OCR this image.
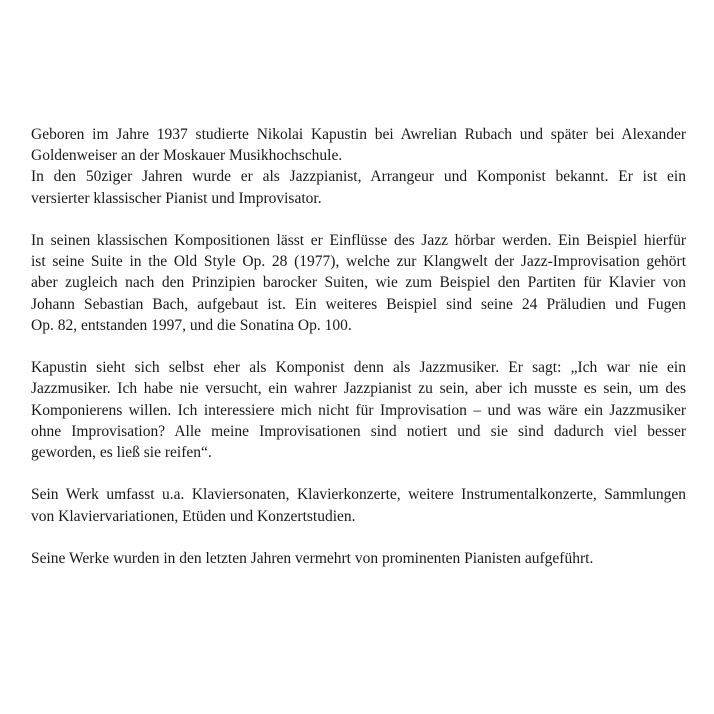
Geboren im Jahre 1937 studierte Nikolai Kapustin bei Awrelian Rubach und später bei Alexander
Goldenweiser an der Moskauer Musikhochschule.
In den 50ziger Jahren wurde er als Jazzpianist, Arrangeur und Komponist bekannt. Er ist ein
versierter klassischer Pianist und Improvisator.

In seinen klassischen Kompositionen lässt er Einflüsse des Jazz hörbar werden. Ein Beispiel hierfür
ist seine Suite in the Old Style Op. 28 (1977), welche zur Klangwelt der Jazz-Improvisation gehört
aber zugleich nach den Prinzipien barocker Suiten, wie zum Beispiel den Partiten für Klavier von
Johann Sebastian Bach, aufgebaut ist. Ein weiteres Beispiel sind seine 24 Präludien und Fugen
Op. 82, entstanden 1997, und die Sonatina Op. 100.

Kapustin sieht sich selbst eher als Komponist denn als Jazzmusiker. Er sagt: „Ich war nie ein
Jazzmusiker. Ich habe nie versucht, ein wahrer Jazzpianist zu sein, aber ich musste es sein, um des
Komponierens willen. Ich interessiere mich nicht für Improvisation – und was wäre ein Jazzmusiker
ohne Improvisation? Alle meine Improvisationen sind notiert und sie sind dadurch viel besser
geworden, es ließ sie reifen“.

Sein Werk umfasst u.a. Klaviersonaten, Klavierkonzerte, weitere Instrumentalkonzerte, Sammlungen
von Klaviervariationen, Etüden und Konzertstudien.

Seine Werke wurden in den letzten Jahren vermehrt von prominenten Pianisten aufgeführt.
